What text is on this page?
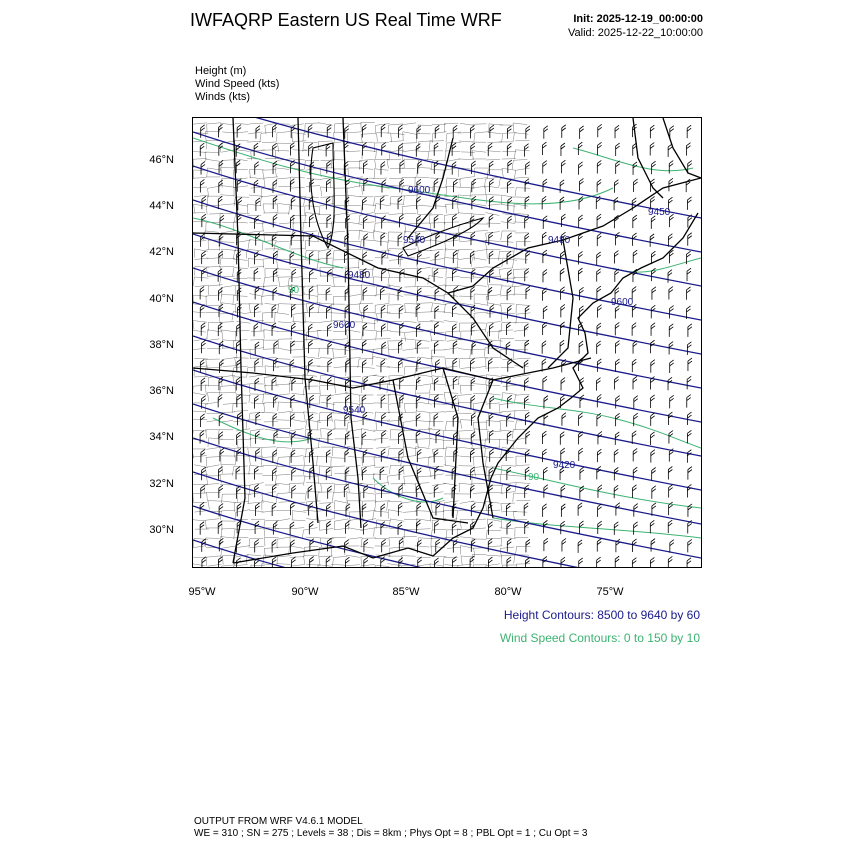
IWFAQRP Eastern US Real Time WRF	Init: 2025-12-19_00:00:00
Valid: 2025-12-22_10:00:00
Height (m)
Wind Speed (kts)
Winds (kts)
9600
9540
9480
9600
9540
9600
9480
9420
9450
90
90
46°N
44°N
42°N
40°N
38°N
36°N
34°N
32°N
30°N
95°W	90°W	85°W	80°W	75°W
Height Contours: 8500 to 9640 by 60
Wind Speed Contours: 0 to 150 by 10
OUTPUT FROM WRF V4.6.1 MODEL
WE = 310 ; SN = 275 ; Levels = 38 ; Dis = 8km ; Phys Opt = 8 ; PBL Opt = 1 ; Cu Opt = 3
